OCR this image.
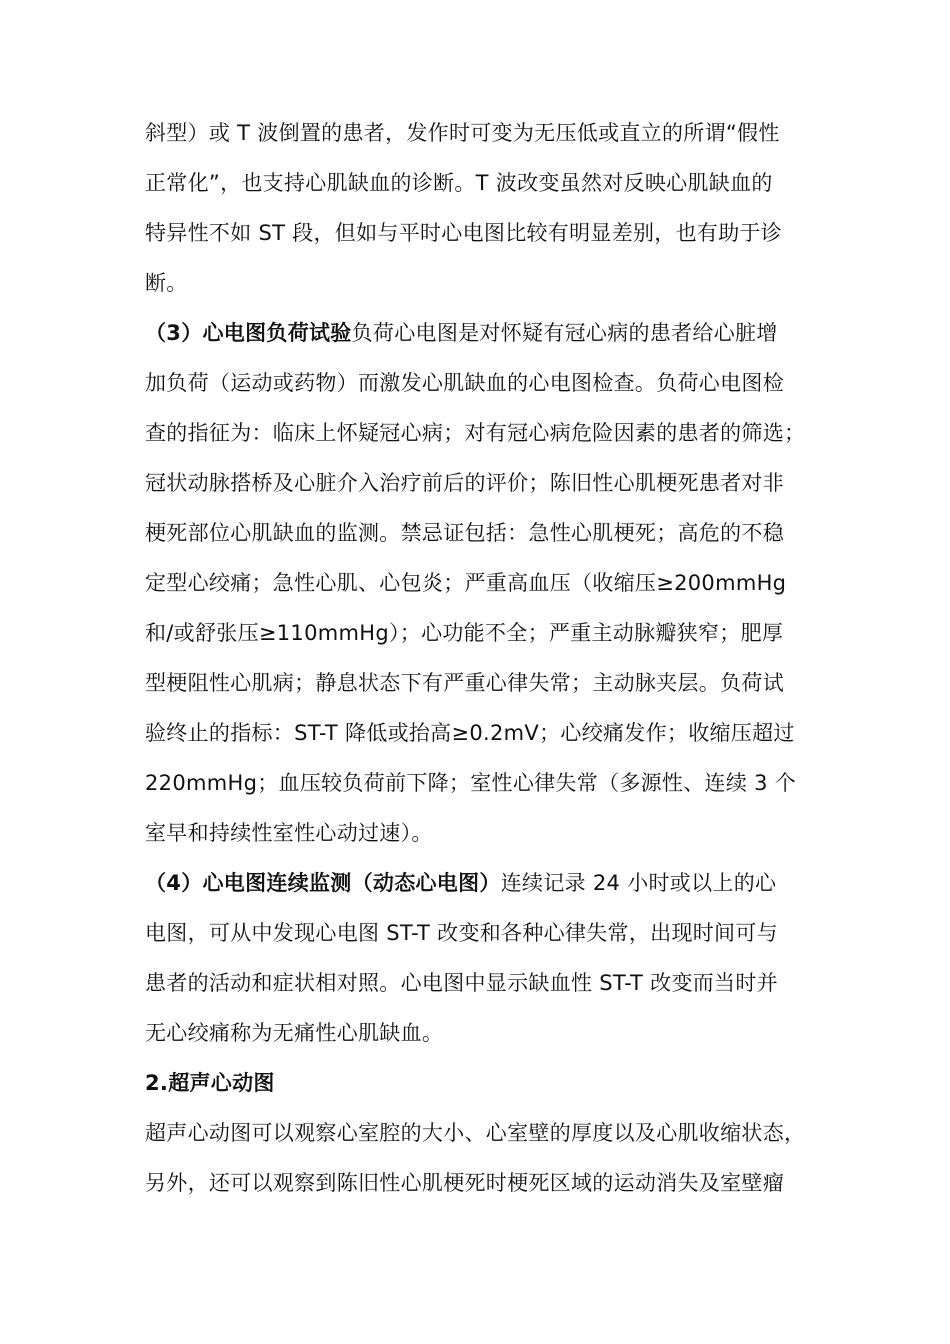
斜型）或 T 波倒置的患者，发作时可变为无压低或直立的所谓“假性
正常化”，也支持心肌缺血的诊断。T 波改变虽然对反映心肌缺血的
特异性不如 ST 段，但如与平时心电图比较有明显差别，也有助于诊
断。
（3）心电图负荷试验负荷心电图是对怀疑有冠心病的患者给心脏增
加负荷（运动或药物）而激发心肌缺血的心电图检查。负荷心电图检
查的指征为：临床上怀疑冠心病；对有冠心病危险因素的患者的筛选；
冠状动脉搭桥及心脏介入治疗前后的评价；陈旧性心肌梗死患者对非
梗死部位心肌缺血的监测。禁忌证包括：急性心肌梗死；高危的不稳
定型心绞痛；急性心肌、心包炎；严重高血压（收缩压≥200mmHg
和/或舒张压≥110mmHg）；心功能不全；严重主动脉瓣狭窄；肥厚
型梗阻性心肌病；静息状态下有严重心律失常；主动脉夹层。负荷试
验终止的指标：ST-T 降低或抬高≥0.2mV；心绞痛发作；收缩压超过
220mmHg；血压较负荷前下降；室性心律失常（多源性、连续 3 个
室早和持续性室性心动过速）。
（4）心电图连续监测（动态心电图）连续记录 24 小时或以上的心
电图，可从中发现心电图 ST-T 改变和各种心律失常，出现时间可与
患者的活动和症状相对照。心电图中显示缺血性 ST-T 改变而当时并
无心绞痛称为无痛性心肌缺血。
2.超声心动图
超声心动图可以观察心室腔的大小、心室壁的厚度以及心肌收缩状态，
另外，还可以观察到陈旧性心肌梗死时梗死区域的运动消失及室壁瘤
